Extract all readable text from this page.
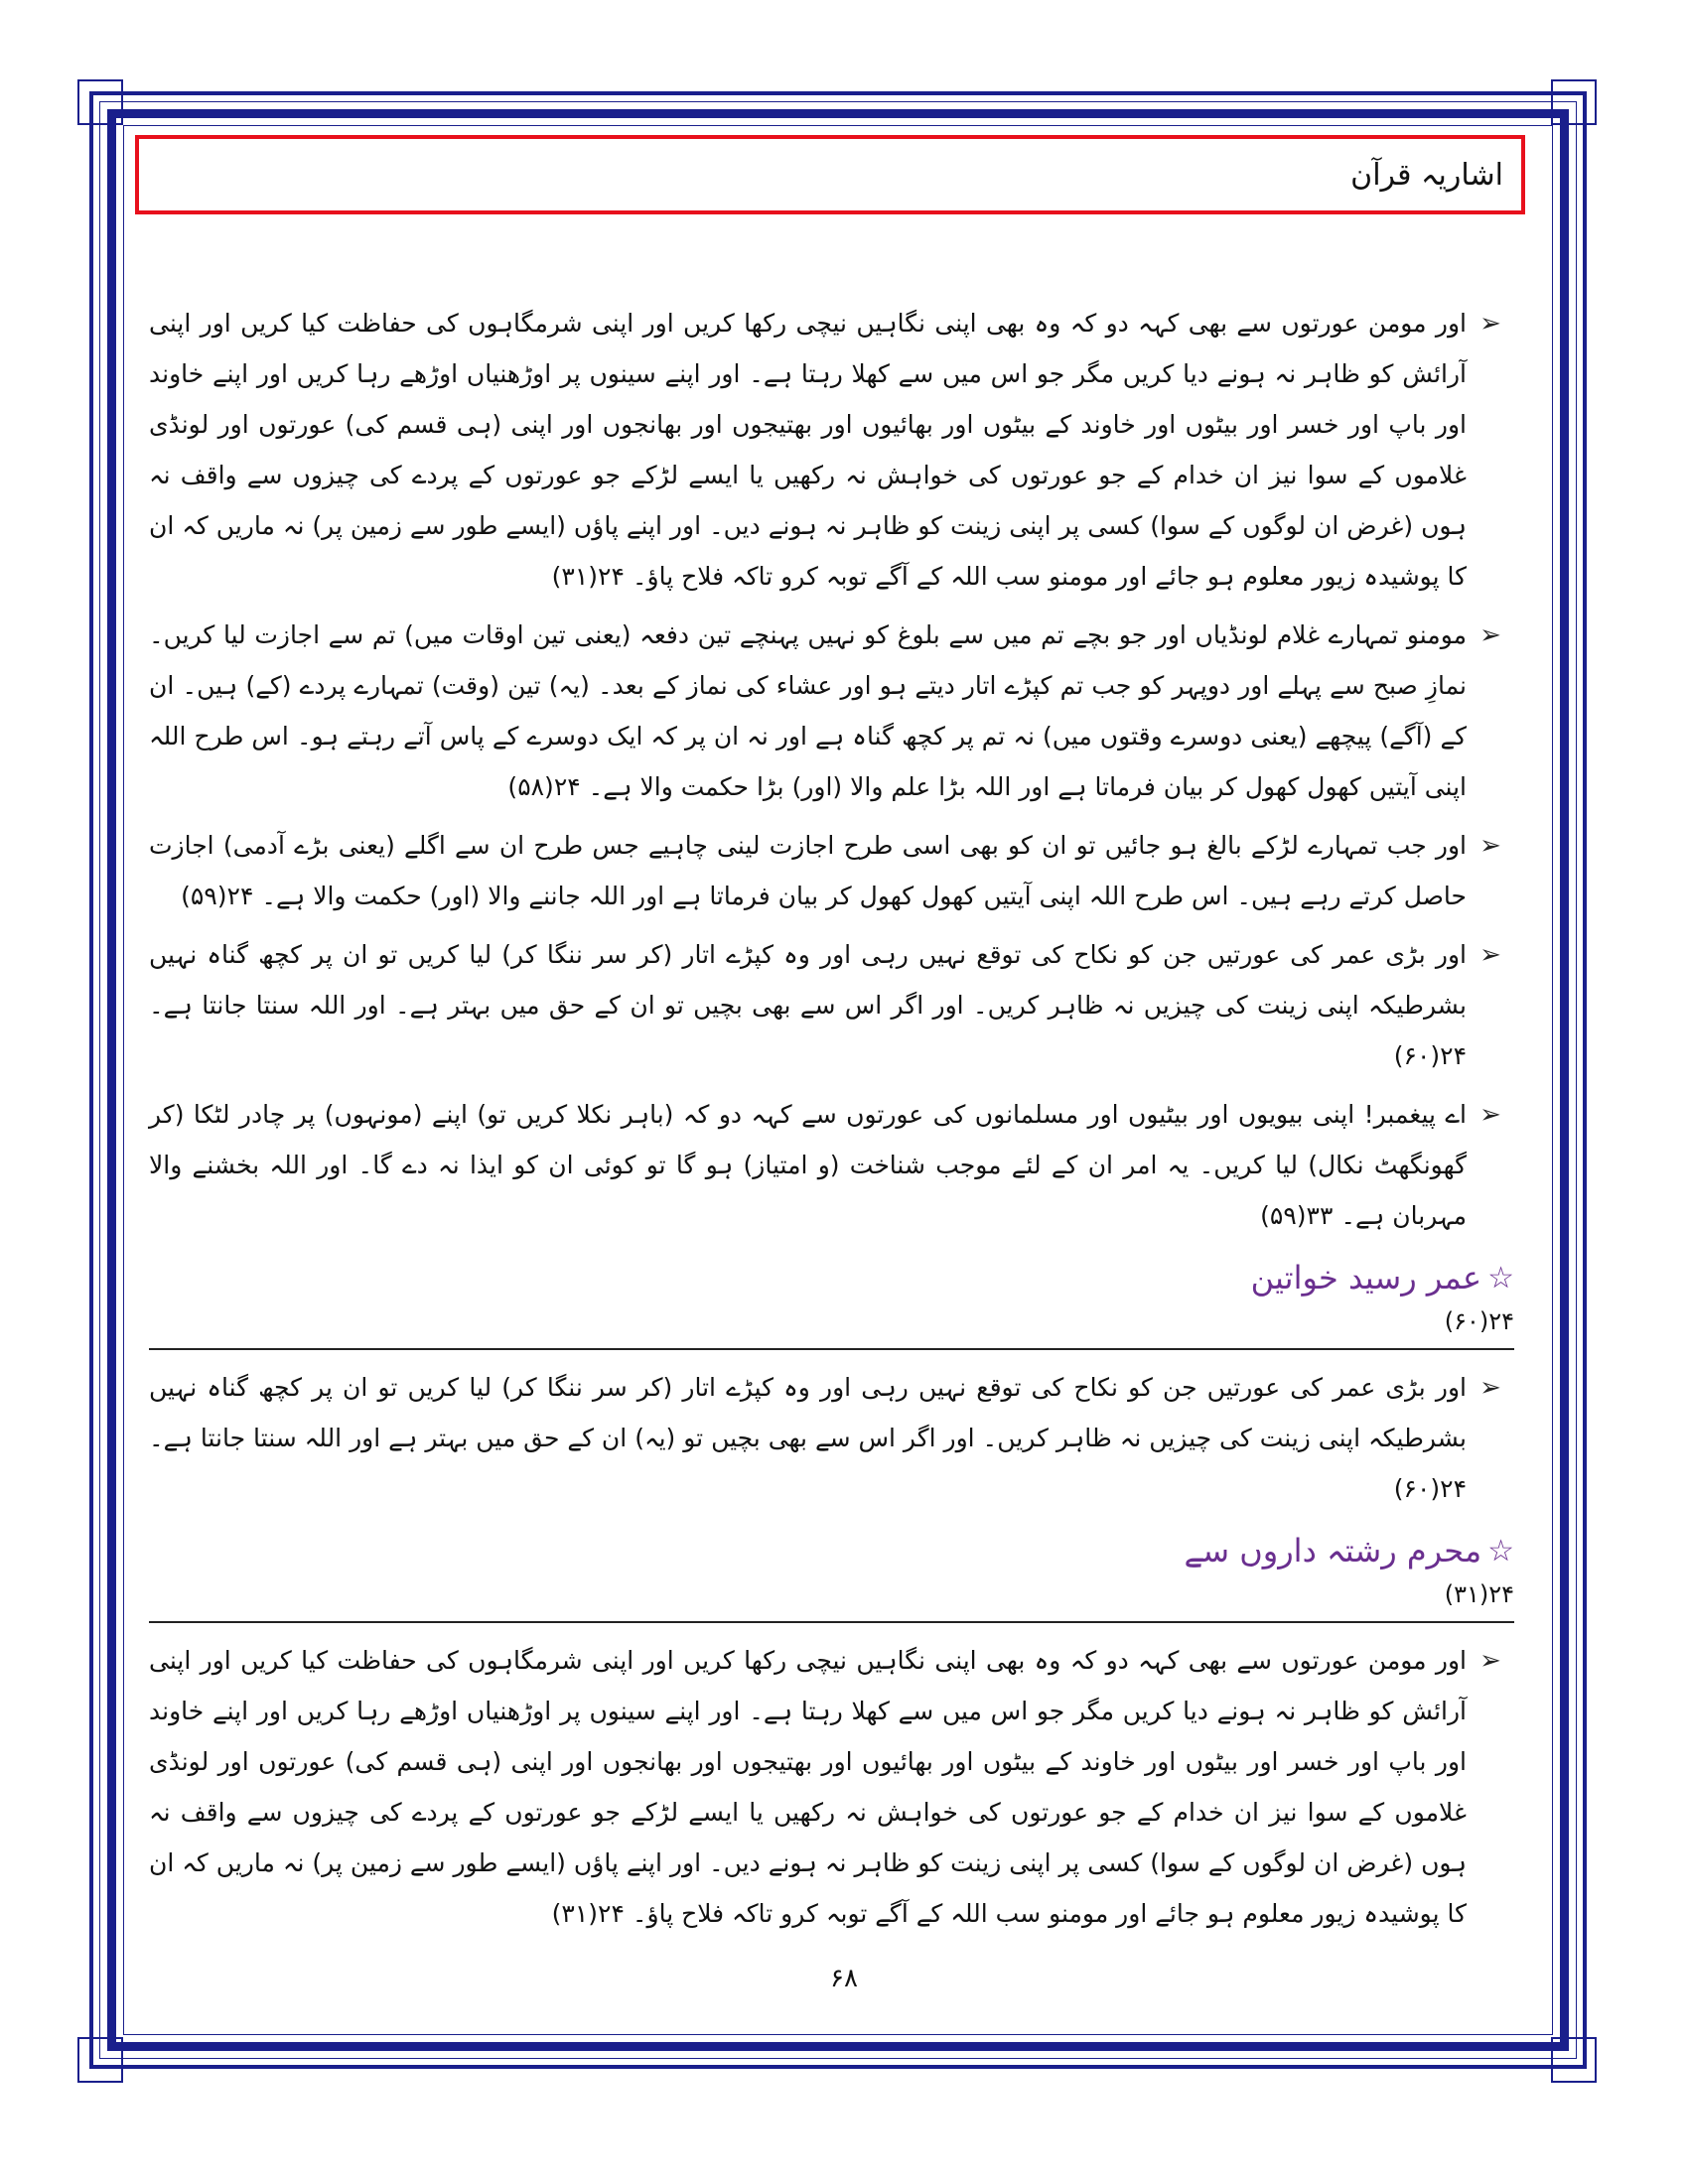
اشاریہ قرآن
➢
اور مومن عورتوں سے بھی کہہ دو کہ وہ بھی اپنی نگاہیں نیچی رکھا کریں اور اپنی شرمگاہوں کی حفاظت کیا کریں اور اپنی آرائش کو ظاہر نہ ہونے دیا کریں مگر جو اس میں سے کھلا رہتا ہے۔ اور اپنے سینوں پر اوڑھنیاں اوڑھے رہا کریں اور اپنے خاوند اور باپ اور خسر اور بیٹوں اور خاوند کے بیٹوں اور بھائیوں اور بھتیجوں اور بھانجوں اور اپنی (ہی قسم کی) عورتوں اور لونڈی غلاموں کے سوا نیز ان خدام کے جو عورتوں کی خواہش نہ رکھیں یا ایسے لڑکے جو عورتوں کے پردے کی چیزوں سے واقف نہ ہوں (غرض ان لوگوں کے سوا) کسی پر اپنی زینت کو ظاہر نہ ہونے دیں۔ اور اپنے پاؤں (ایسے طور سے زمین پر) نہ ماریں کہ ان کا پوشیدہ زیور معلوم ہو جائے اور مومنو سب اللہ کے آگے توبہ کرو تاکہ فلاح پاؤ۔ ۲۴(۳۱)
➢
مومنو تمہارے غلام لونڈیاں اور جو بچے تم میں سے بلوغ کو نہیں پہنچے تین دفعہ (یعنی تین اوقات میں) تم سے اجازت لیا کریں۔ نمازِ صبح سے پہلے اور دوپہر کو جب تم کپڑے اتار دیتے ہو اور عشاء کی نماز کے بعد۔ (یہ) تین (وقت) تمہارے پردے (کے) ہیں۔ ان کے (آگے) پیچھے (یعنی دوسرے وقتوں میں) نہ تم پر کچھ گناہ ہے اور نہ ان پر کہ ایک دوسرے کے پاس آتے رہتے ہو۔ اس طرح اللہ اپنی آیتیں کھول کھول کر بیان فرماتا ہے اور اللہ بڑا علم والا (اور) بڑا حکمت والا ہے۔ ۲۴(۵۸)
➢
اور جب تمہارے لڑکے بالغ ہو جائیں تو ان کو بھی اسی طرح اجازت لینی چاہیے جس طرح ان سے اگلے (یعنی بڑے آدمی) اجازت حاصل کرتے رہے ہیں۔ اس طرح اللہ اپنی آیتیں کھول کھول کر بیان فرماتا ہے اور اللہ جاننے والا (اور) حکمت والا ہے۔ ۲۴(۵۹)
➢
اور بڑی عمر کی عورتیں جن کو نکاح کی توقع نہیں رہی اور وہ کپڑے اتار (کر سر ننگا کر) لیا کریں تو ان پر کچھ گناہ نہیں بشرطیکہ اپنی زینت کی چیزیں نہ ظاہر کریں۔ اور اگر اس سے بھی بچیں تو ان کے حق میں بہتر ہے۔ اور اللہ سنتا جانتا ہے۔ ۲۴(۶۰)
➢
اے پیغمبر! اپنی بیویوں اور بیٹیوں اور مسلمانوں کی عورتوں سے کہہ دو کہ (باہر نکلا کریں تو) اپنے (مونہوں) پر چادر لٹکا (کر گھونگھٹ نکال) لیا کریں۔ یہ امر ان کے لئے موجب شناخت (و امتیاز) ہو گا تو کوئی ان کو ایذا نہ دے گا۔ اور اللہ بخشنے والا مہربان ہے۔ ۳۳(۵۹)
☆
عمر رسید خواتین
۲۴(۶۰)
➢
اور بڑی عمر کی عورتیں جن کو نکاح کی توقع نہیں رہی اور وہ کپڑے اتار (کر سر ننگا کر) لیا کریں تو ان پر کچھ گناہ نہیں بشرطیکہ اپنی زینت کی چیزیں نہ ظاہر کریں۔ اور اگر اس سے بھی بچیں تو (یہ) ان کے حق میں بہتر ہے اور اللہ سنتا جانتا ہے۔ ۲۴(۶۰)
☆
محرم رشتہ داروں سے
۲۴(۳۱)
➢
اور مومن عورتوں سے بھی کہہ دو کہ وہ بھی اپنی نگاہیں نیچی رکھا کریں اور اپنی شرمگاہوں کی حفاظت کیا کریں اور اپنی آرائش کو ظاہر نہ ہونے دیا کریں مگر جو اس میں سے کھلا رہتا ہے۔ اور اپنے سینوں پر اوڑھنیاں اوڑھے رہا کریں اور اپنے خاوند اور باپ اور خسر اور بیٹوں اور خاوند کے بیٹوں اور بھائیوں اور بھتیجوں اور بھانجوں اور اپنی (ہی قسم کی) عورتوں اور لونڈی غلاموں کے سوا نیز ان خدام کے جو عورتوں کی خواہش نہ رکھیں یا ایسے لڑکے جو عورتوں کے پردے کی چیزوں سے واقف نہ ہوں (غرض ان لوگوں کے سوا) کسی پر اپنی زینت کو ظاہر نہ ہونے دیں۔ اور اپنے پاؤں (ایسے طور سے زمین پر) نہ ماریں کہ ان کا پوشیدہ زیور معلوم ہو جائے اور مومنو سب اللہ کے آگے توبہ کرو تاکہ فلاح پاؤ۔ ۲۴(۳۱)
۶۸
